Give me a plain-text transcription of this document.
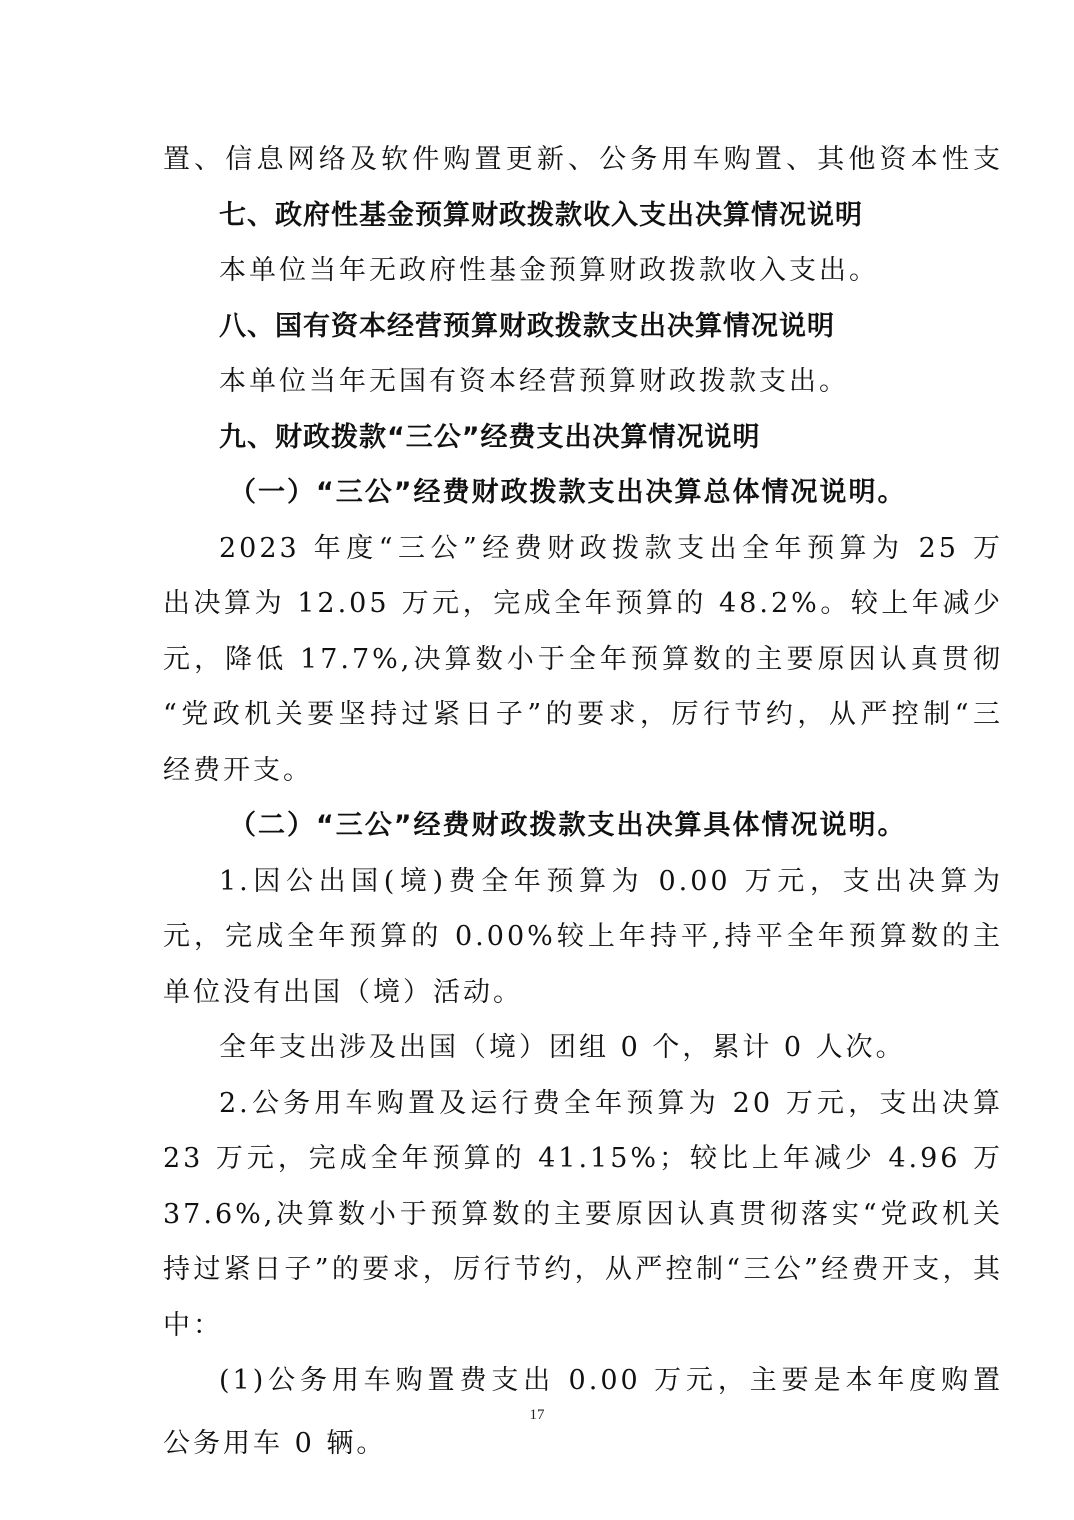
置、信息网络及软件购置更新、公务用车购置、其他资本性支
七、政府性基金预算财政拨款收入支出决算情况说明
本单位当年无政府性基金预算财政拨款收入支出。
八、国有资本经营预算财政拨款支出决算情况说明
本单位当年无国有资本经营预算财政拨款支出。
九、财政拨款“三公”经费支出决算情况说明
（一）“三公”经费财政拨款支出决算总体情况说明。
2023 年度“三公”经费财政拨款支出全年预算为 25 万
出决算为 12.05 万元，完成全年预算的 48.2%。较上年减少
元，降低 17.7%,决算数小于全年预算数的主要原因认真贯彻
“党政机关要坚持过紧日子”的要求，厉行节约，从严控制“三
经费开支。
（二）“三公”经费财政拨款支出决算具体情况说明。
1.因公出国(境)费全年预算为 0.00 万元，支出决算为
元，完成全年预算的 0.00%较上年持平,持平全年预算数的主
单位没有出国（境）活动。
全年支出涉及出国（境）团组 0 个，累计 0 人次。
2.公务用车购置及运行费全年预算为 20 万元，支出决算
23 万元，完成全年预算的 41.15%；较比上年减少 4.96 万
37.6%,决算数小于预算数的主要原因认真贯彻落实“党政机关
持过紧日子”的要求，厉行节约，从严控制“三公”经费开支，其
中：
(1)公务用车购置费支出 0.00 万元，主要是本年度购置
公务用车 0 辆。
17
